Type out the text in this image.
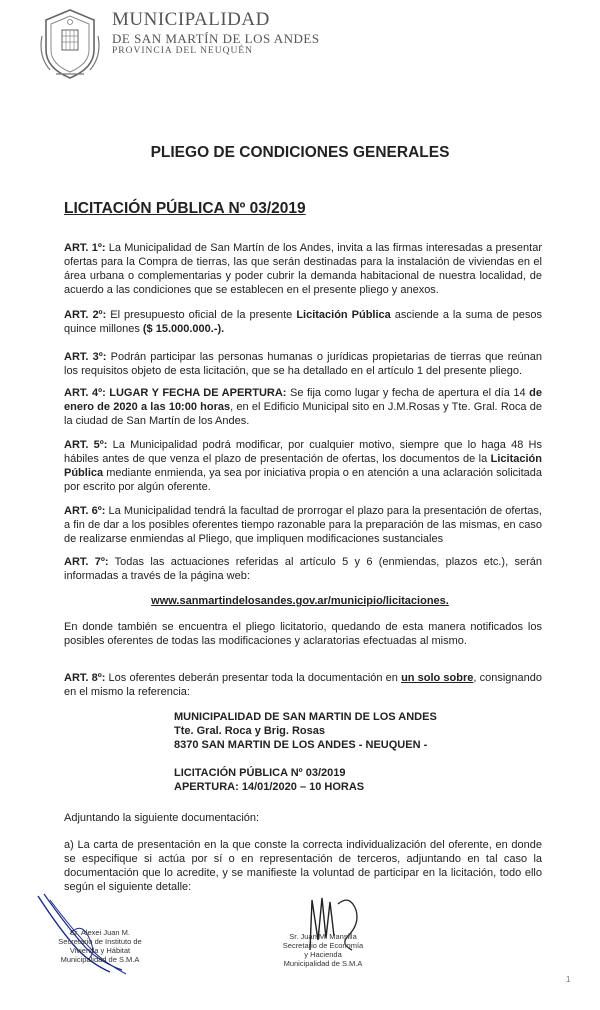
MUNICIPALIDAD
DE SAN MARTÍN DE LOS ANDES
PROVINCIA DEL NEUQUÉN
PLIEGO DE CONDICIONES GENERALES
LICITACIÓN PÚBLICA Nº 03/2019
ART. 1º: La Municipalidad de San Martín de los Andes, invita a las firmas interesadas a presentar ofertas para la Compra de tierras, las que serán destinadas para la instalación de viviendas en el área urbana o complementarias y poder cubrir la demanda habitacional de nuestra localidad, de acuerdo a las condiciones que se establecen en el presente pliego y anexos.
ART. 2º: El presupuesto oficial de la presente Licitación Pública asciende a la suma de pesos quince millones ($ 15.000.000.-).
ART. 3º: Podrán participar las personas humanas o jurídicas propietarias de tierras que reúnan los requisitos objeto de esta licitación, que se ha detallado en el artículo 1 del presente pliego.
ART. 4º: LUGAR Y FECHA DE APERTURA: Se fija como lugar y fecha de apertura el día 14 de enero de 2020 a las 10:00 horas, en el Edificio Municipal sito en J.M.Rosas y Tte. Gral. Roca de la ciudad de San Martín de los Andes.
ART. 5º: La Municipalidad podrá modificar, por cualquier motivo, siempre que lo haga 48 Hs hábiles antes de que venza el plazo de presentación de ofertas, los documentos de la Licitación Pública mediante enmienda, ya sea por iniciativa propia o en atención a una aclaración solicitada por escrito por algún oferente.
ART. 6º: La Municipalidad tendrá la facultad de prorrogar el plazo para la presentación de ofertas, a fin de dar a los posibles oferentes tiempo razonable para la preparación de las mismas, en caso de realizarse enmiendas al Pliego, que impliquen modificaciones sustanciales
ART. 7º: Todas las actuaciones referidas al artículo 5 y 6 (enmiendas, plazos etc.), serán informadas a través de la página web:
www.sanmartindelosandes.gov.ar/municipio/licitaciones.
En donde también se encuentra el pliego licitatorio, quedando de esta manera notificados los posibles oferentes de todas las modificaciones y aclaratorias efectuadas al mismo.
ART. 8º: Los oferentes deberán presentar toda la documentación en un solo sobre, consignando en el mismo la referencia:
MUNICIPALIDAD DE SAN MARTIN DE LOS ANDES
Tte. Gral. Roca y Brig. Rosas
8370 SAN MARTIN DE LOS ANDES - NEUQUEN -
LICITACIÓN PÚBLICA Nº 03/2019
APERTURA: 14/01/2020 – 10 HORAS
Adjuntando la siguiente documentación:
a) La carta de presentación en la que conste la correcta individualización del oferente, en donde se especifique si actúa por sí o en representación de terceros, adjuntando en tal caso la documentación que lo acredite, y se manifieste la voluntad de participar en la licitación, todo ello según el siguiente detalle:
Sr. Alexei Juan M.
Secretario de Instituto de
Vivienda y Hábitat
Municipalidad de S.M.A
Sr. Juan M. Mansilla
Secretario de Economía
y Hacienda
Municipalidad de S.M.A
1
